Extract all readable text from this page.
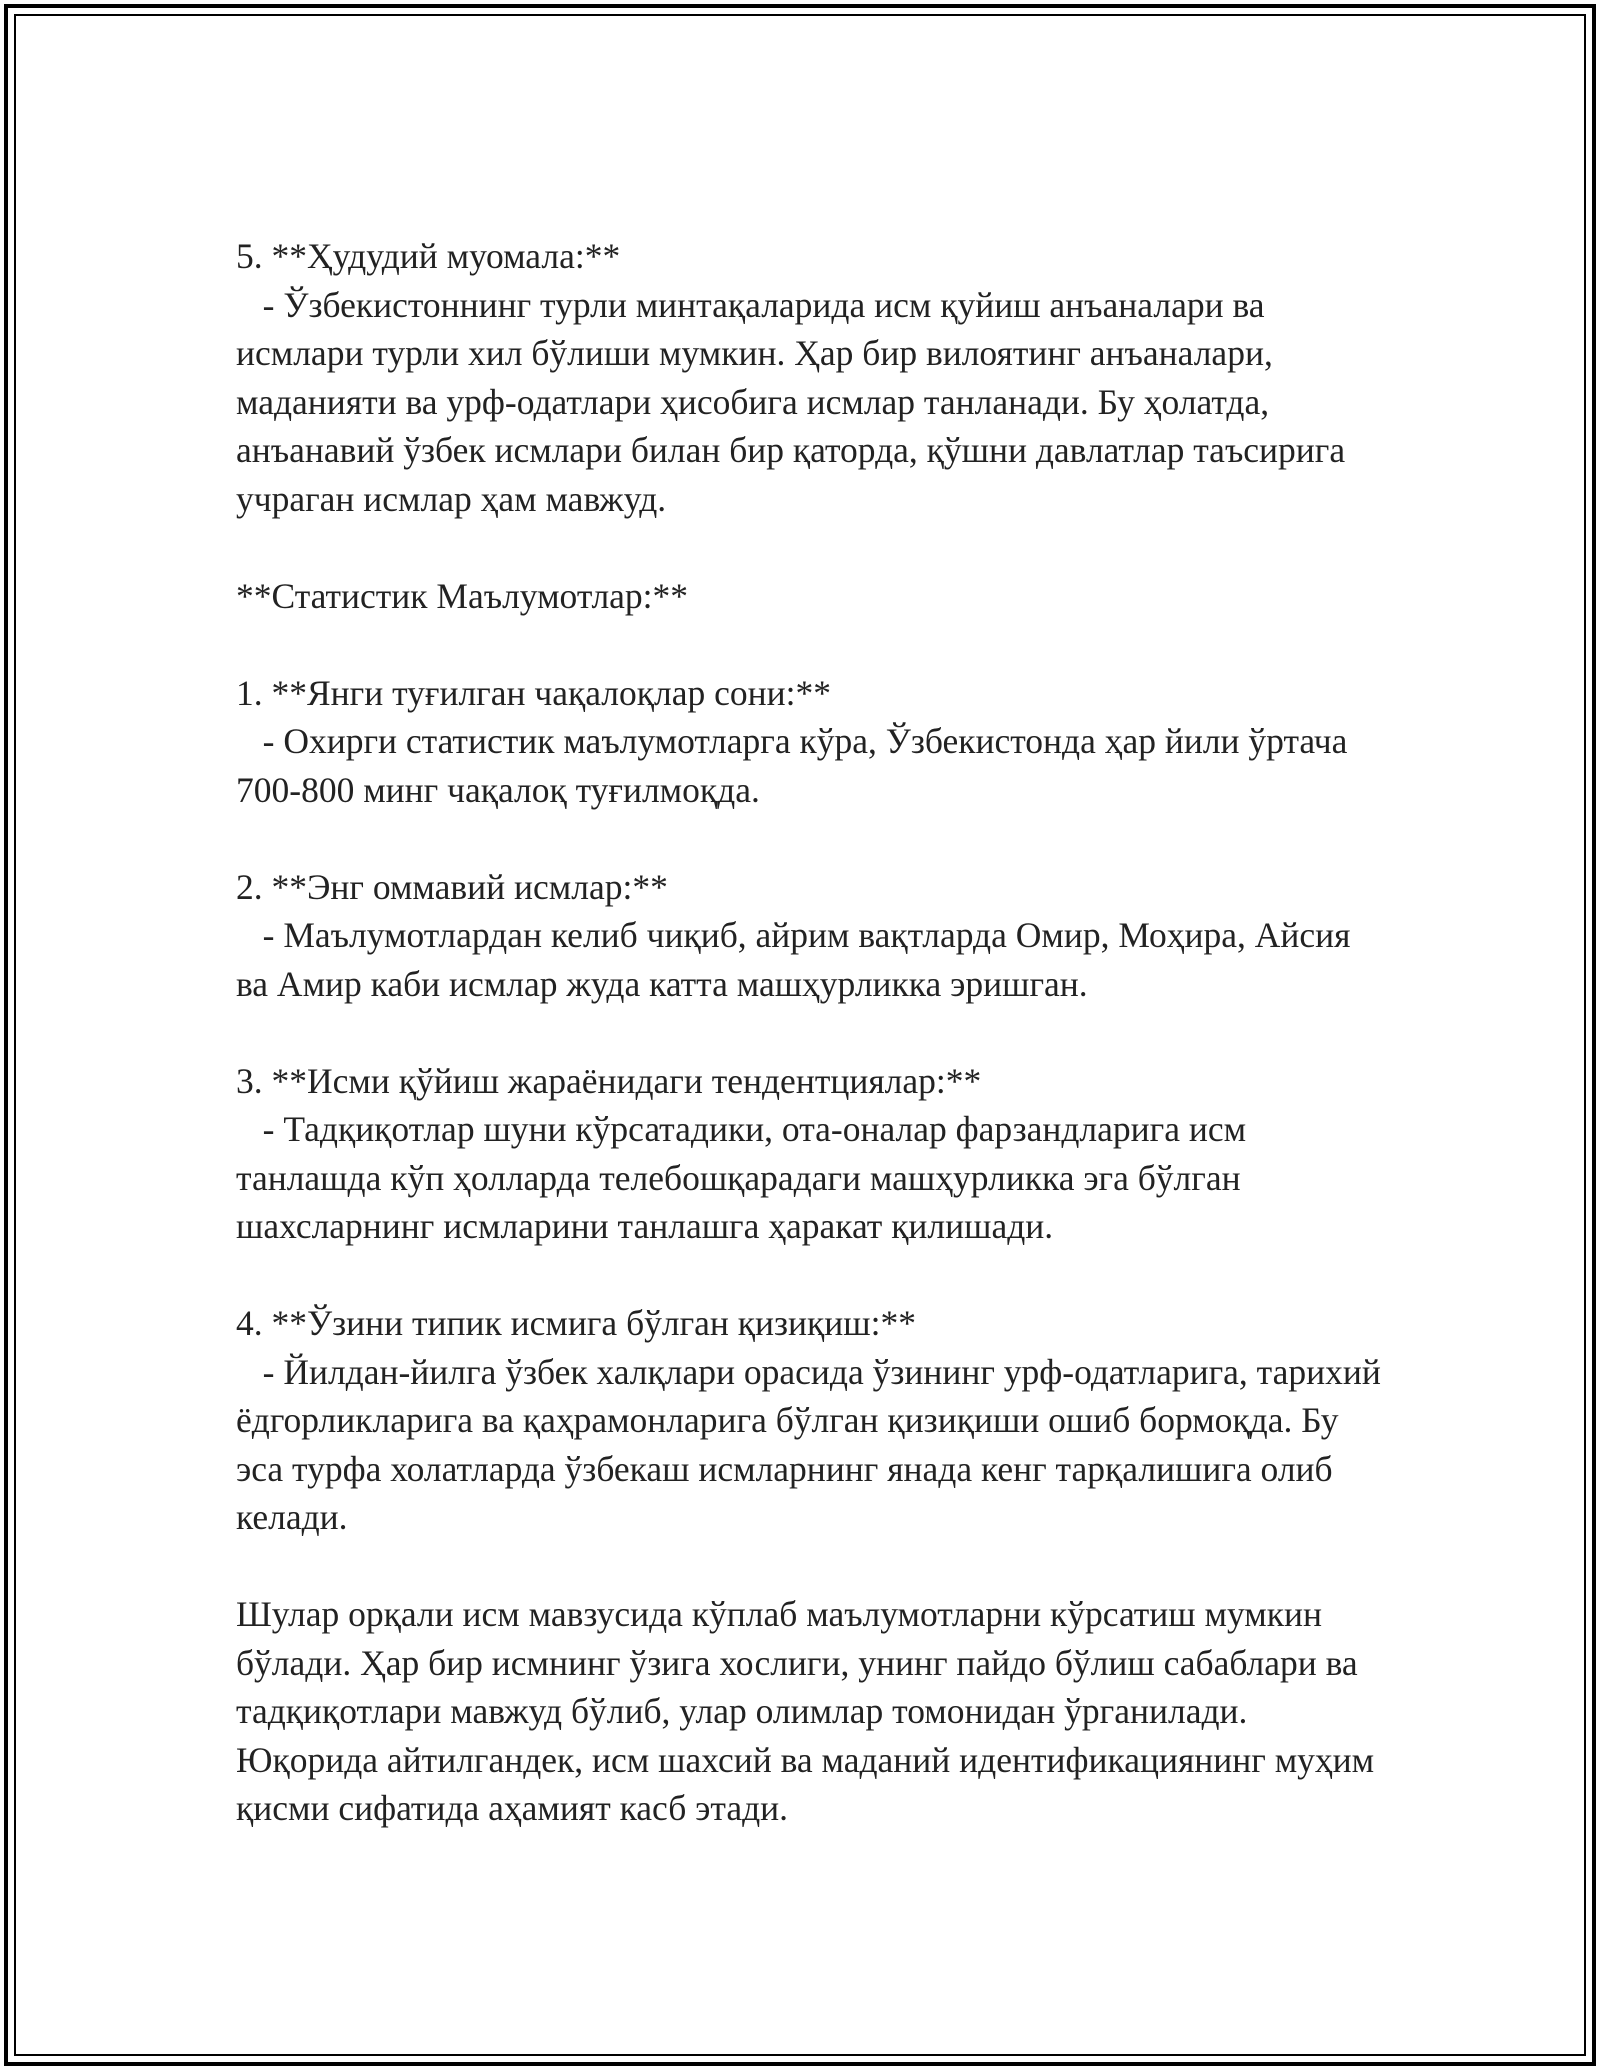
5. **Ҳудудий муомала:**

- Ўзбекистоннинг турли минтақаларида исм қуйиш анъаналари ва исмлари турли хил бўлиши мумкин. Ҳар бир вилоятинг анъаналари, маданияти ва урф-одатлари ҳисобига исмлар танланади. Бу ҳолатда, анъанавий ўзбек исмлари билан бир қаторда, қўшни давлатлар таъсирига учраган исмлар ҳам мавжуд.

**Статистик Маълумотлар:**

1. **Янги туғилган чақалоқлар сони:**

- Охирги статистик маълумотларга кўра, Ўзбекистонда ҳар йили ўртача 700-800 минг чақалоқ туғилмоқда.

2. **Энг оммавий исмлар:**

- Маълумотлардан келиб чиқиб, айрим вақтларда Омир, Моҳира, Айсия ва Амир каби исмлар жуда катта машҳурликка эришган.

3. **Исми қўйиш жараёнидаги тендентциялар:**

- Тадқиқотлар шуни кўрсатадики, ота-оналар фарзандларига исм танлашда кўп ҳолларда телебошқарадаги машҳурликка эга бўлган шахсларнинг исмларини танлашга ҳаракат қилишади.

4. **Ўзини типик исмига бўлган қизиқиш:**

- Йилдан-йилга ўзбек халқлари орасида ўзининг урф-одатларига, тарихий ёдгорликларига ва қаҳрамонларига бўлган қизиқиши ошиб бормоқда. Бу эса турфа холатларда ўзбекаш исмларнинг янада кенг тарқалишига олиб келади.

Шулар орқали исм мавзусида кўплаб маълумотларни кўрсатиш мумкин бўлади. Ҳар бир исмнинг ўзига хослиги, унинг пайдо бўлиш сабаблари ва тадқиқотлари мавжуд бўлиб, улар олимлар томонидан ўрганилади. Юқорида айтилгандек, исм шахсий ва маданий идентификациянинг муҳим қисми сифатида аҳамият касб этади.
